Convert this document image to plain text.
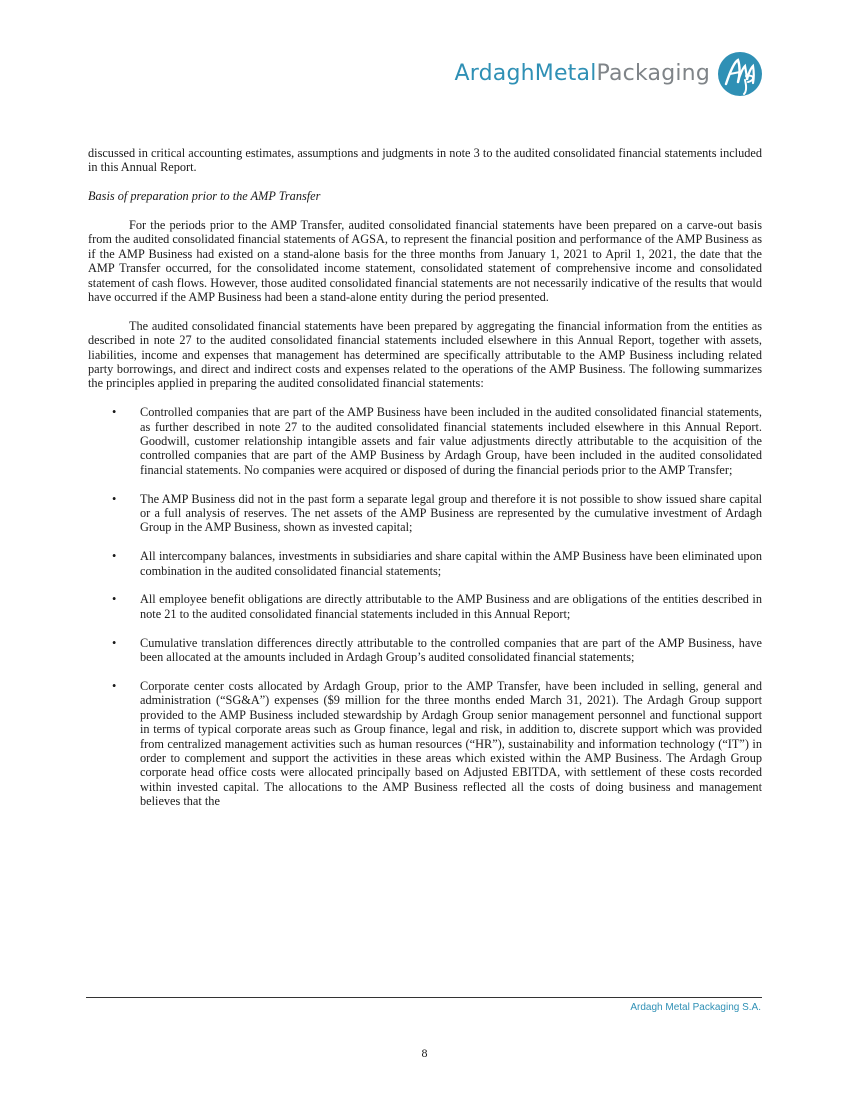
ArdaghMetalPackaging

discussed in critical accounting estimates, assumptions and judgments in note 3 to the audited consolidated financial statements included in this Annual Report.

Basis of preparation prior to the AMP Transfer

For the periods prior to the AMP Transfer, audited consolidated financial statements have been prepared on a carve-out basis from the audited consolidated financial statements of AGSA, to represent the financial position and performance of the AMP Business as if the AMP Business had existed on a stand-alone basis for the three months from January 1, 2021 to April 1, 2021, the date that the AMP Transfer occurred, for the consolidated income statement, consolidated statement of comprehensive income and consolidated statement of cash flows. However, those audited consolidated financial statements are not necessarily indicative of the results that would have occurred if the AMP Business had been a stand-alone entity during the period presented.

The audited consolidated financial statements have been prepared by aggregating the financial information from the entities as described in note 27 to the audited consolidated financial statements included elsewhere in this Annual Report, together with assets, liabilities, income and expenses that management has determined are specifically attributable to the AMP Business including related party borrowings, and direct and indirect costs and expenses related to the operations of the AMP Business. The following summarizes the principles applied in preparing the audited consolidated financial statements:

• Controlled companies that are part of the AMP Business have been included in the audited consolidated financial statements, as further described in note 27 to the audited consolidated financial statements included elsewhere in this Annual Report. Goodwill, customer relationship intangible assets and fair value adjustments directly attributable to the acquisition of the controlled companies that are part of the AMP Business by Ardagh Group, have been included in the audited consolidated financial statements. No companies were acquired or disposed of during the financial periods prior to the AMP Transfer;
• The AMP Business did not in the past form a separate legal group and therefore it is not possible to show issued share capital or a full analysis of reserves. The net assets of the AMP Business are represented by the cumulative investment of Ardagh Group in the AMP Business, shown as invested capital;
• All intercompany balances, investments in subsidiaries and share capital within the AMP Business have been eliminated upon combination in the audited consolidated financial statements;
• All employee benefit obligations are directly attributable to the AMP Business and are obligations of the entities described in note 21 to the audited consolidated financial statements included in this Annual Report;
• Cumulative translation differences directly attributable to the controlled companies that are part of the AMP Business, have been allocated at the amounts included in Ardagh Group’s audited consolidated financial statements;
• Corporate center costs allocated by Ardagh Group, prior to the AMP Transfer, have been included in selling, general and administration (“SG&A”) expenses ($9 million for the three months ended March 31, 2021). The Ardagh Group support provided to the AMP Business included stewardship by Ardagh Group senior management personnel and functional support in terms of typical corporate areas such as Group finance, legal and risk, in addition to, discrete support which was provided from centralized management activities such as human resources (“HR”), sustainability and information technology (“IT”) in order to complement and support the activities in these areas which existed within the AMP Business. The Ardagh Group corporate head office costs were allocated principally based on Adjusted EBITDA, with settlement of these costs recorded within invested capital. The allocations to the AMP Business reflected all the costs of doing business and management believes that the
Ardagh Metal Packaging S.A.
8
